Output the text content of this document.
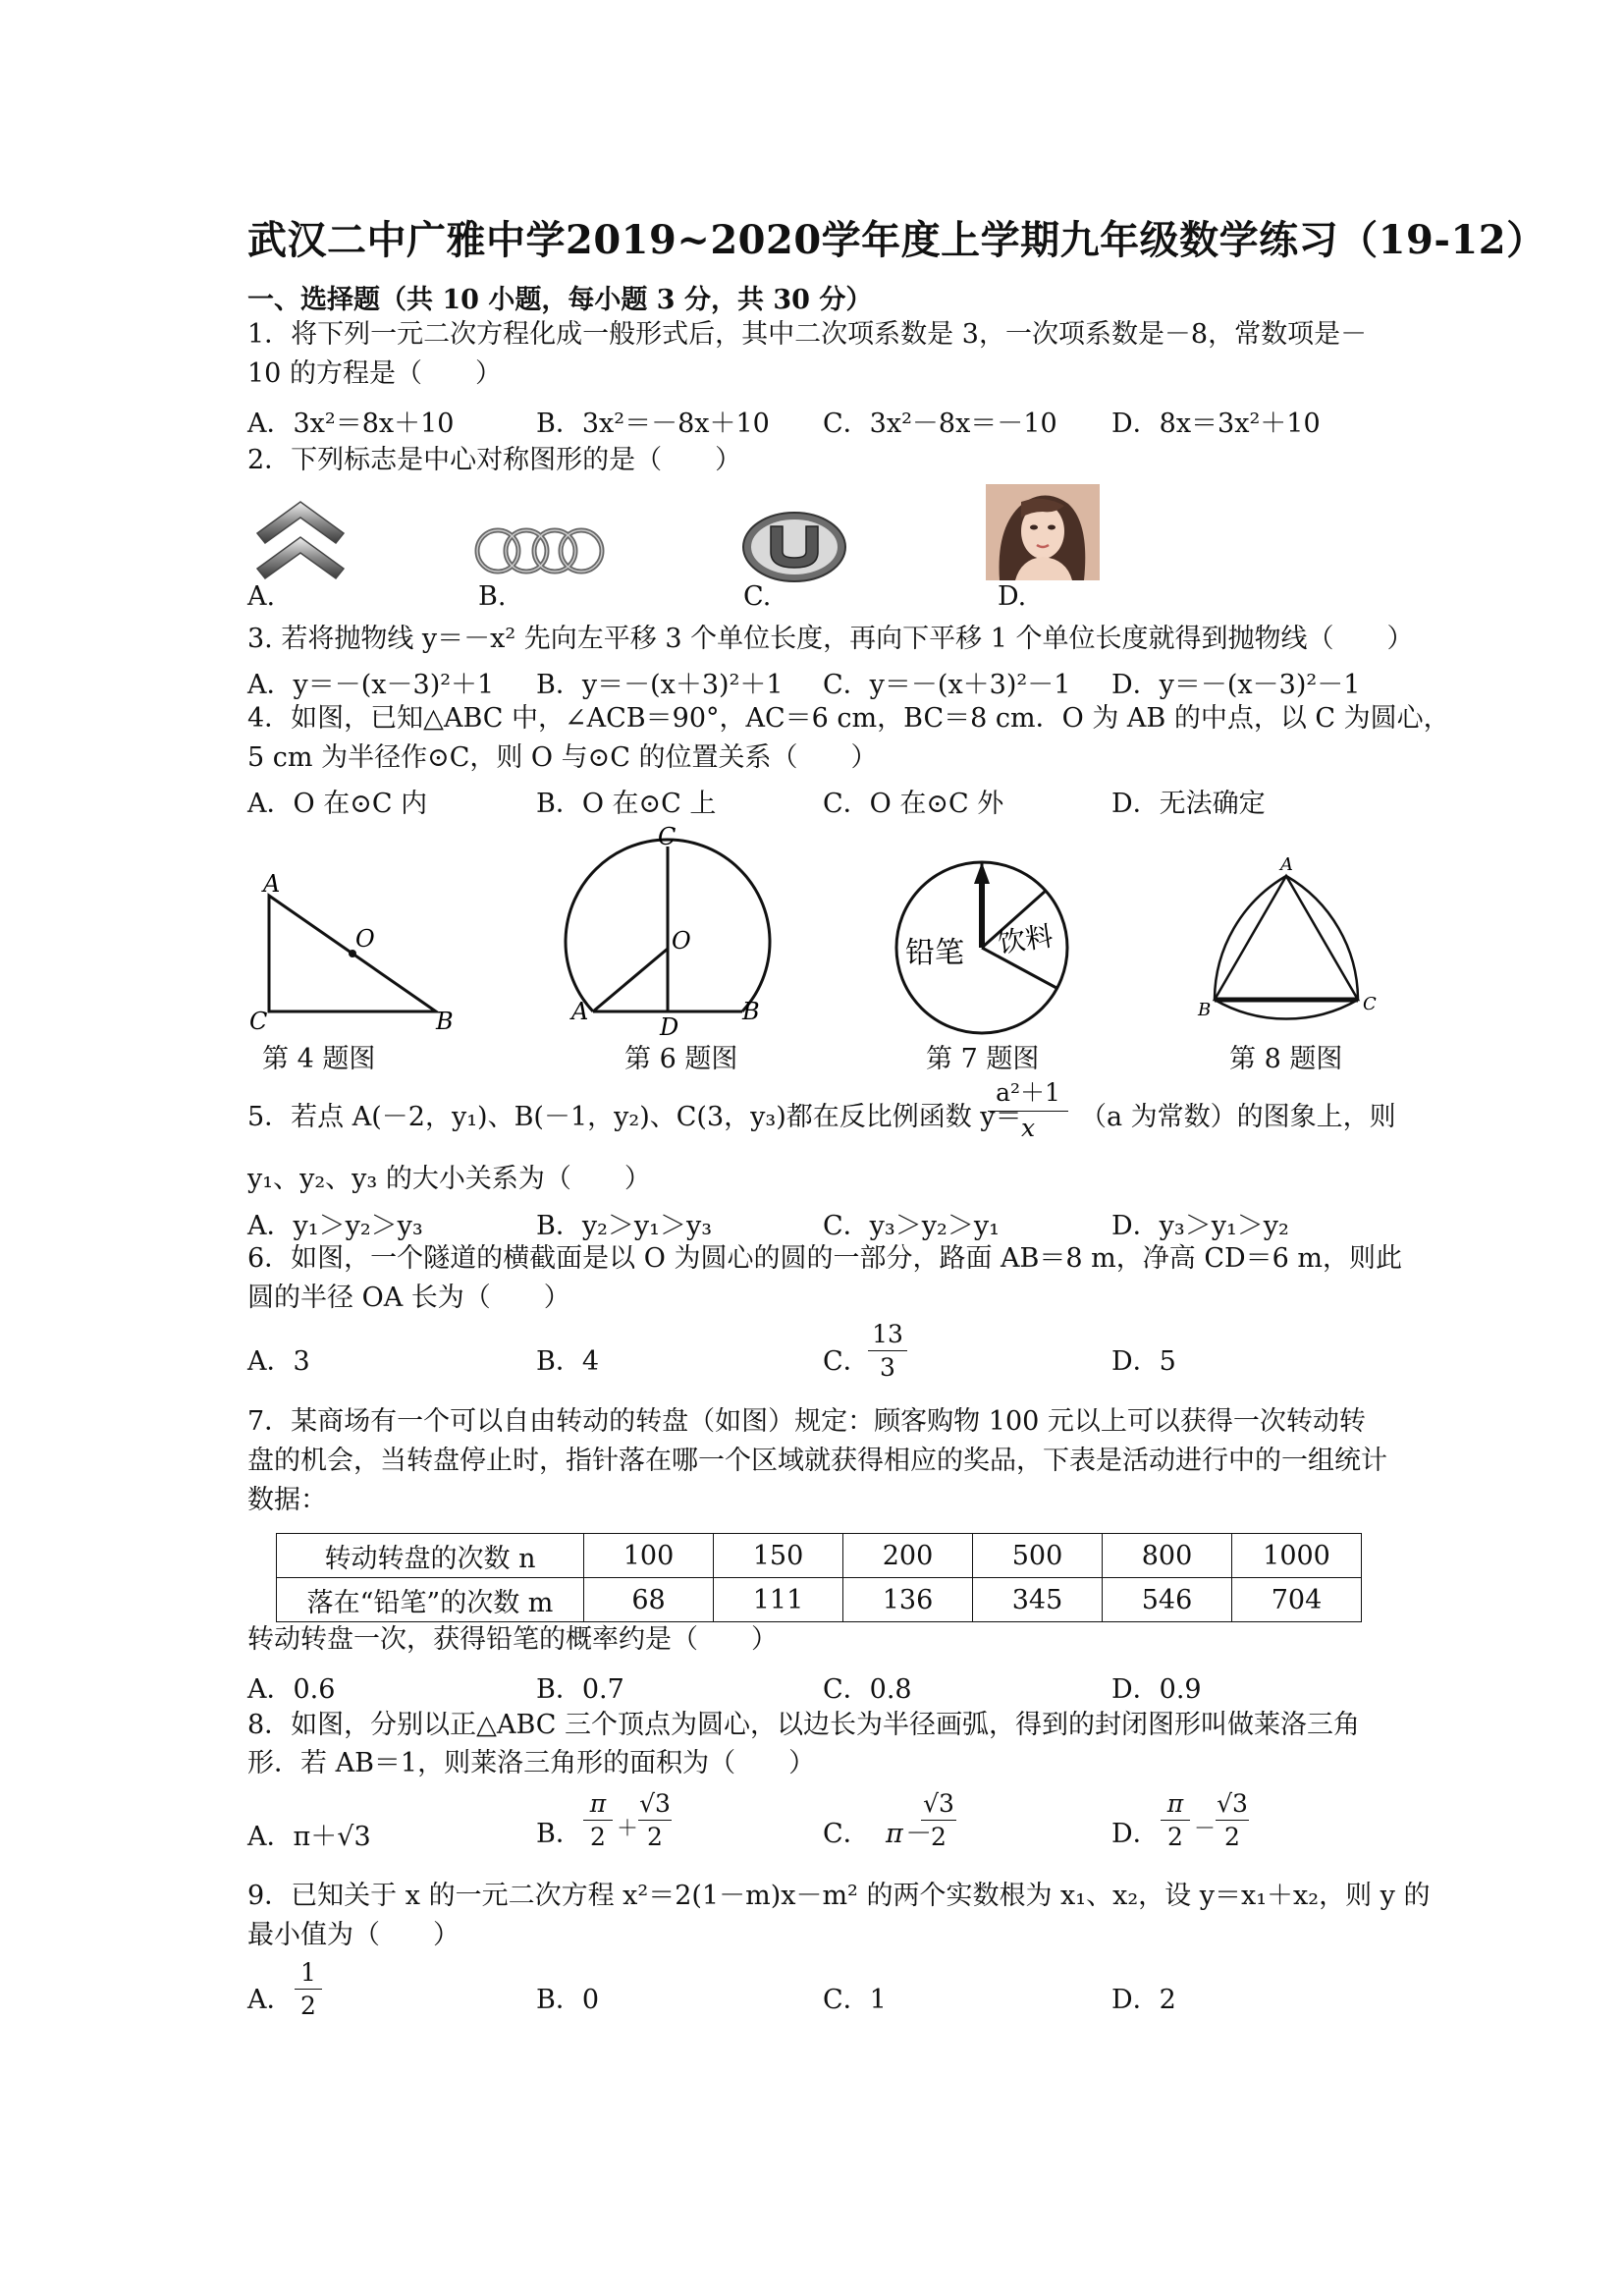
武汉二中广雅中学2019~2020学年度上学期九年级数学练习（19-12）
一、选择题（共 10 小题，每小题 3 分，共 30 分）
1．将下列一元二次方程化成一般形式后，其中二次项系数是 3，一次项系数是－8，常数项是－
10 的方程是（　　）
A．3x²＝8x＋10	B．3x²＝－8x＋10 C．3x²－8x＝－10 D．8x＝3x²＋10
2．下列标志是中心对称图形的是（　　）
A.	B.	C.	D.
3. 若将抛物线 y＝－x² 先向左平移 3 个单位长度，再向下平移 1 个单位长度就得到抛物线（　　）
A．y＝－(x－3)²＋1 B．y＝－(x＋3)²＋1 C．y＝－(x＋3)²－1 D．y＝－(x－3)²－1
4．如图，已知△ABC 中，∠ACB＝90°，AC＝6 cm，BC＝8 cm．O 为 AB 的中点，以 C 为圆心，
5 cm 为半径作⊙C，则 O 与⊙C 的位置关系（　　）
A．O 在⊙C 内	B．O 在⊙C 上	C．O 在⊙C 外	D．无法确定
A
O
C	B
C
O
A
D
B
铅笔 饮料
A
B	C
第 4 题图	第 6 题图	第 7 题图	第 8 题图
5．若点 A(－2，y₁)、B(－1，y₂)、C(3，y₃)都在反比例函数 y＝
a²＋1
x	（a 为常数）的图象上，则
y₁、y₂、y₃ 的大小关系为（　　）
A．y₁＞y₂＞y₃	B．y₂＞y₁＞y₃	C．y₃＞y₂＞y₁	D．y₃＞y₁＞y₂
6．如图，一个隧道的横截面是以 O 为圆心的圆的一部分，路面 AB＝8 m，净高 CD＝6 m，则此
圆的半径 OA 长为（　　）
A．3	B．4	C．
13
3	D．5
7．某商场有一个可以自由转动的转盘（如图）规定：顾客购物 100 元以上可以获得一次转动转
盘的机会，当转盘停止时，指针落在哪一个区域就获得相应的奖品，下表是活动进行中的一组统计
数据：
转动转盘的次数 n	100	150	200	500	800	1000
落在“铅笔”的次数 m	68	111	136	345	546	704
转动转盘一次，获得铅笔的概率约是（　　）
A．0.6	B．0.7	C．0.8	D．0.9
8．如图，分别以正△ABC 三个顶点为圆心，以边长为半径画弧，得到的封闭图形叫做莱洛三角
形．若 AB＝1，则莱洛三角形的面积为（　　）
A．π＋√3	B．
π
2 ＋
√3
2	C． π－
√3
2	D．
π
2 －
√3
2
9．已知关于 x 的一元二次方程 x²＝2(1－m)x－m² 的两个实数根为 x₁、x₂，设 y＝x₁＋x₂，则 y 的
最小值为（　　）
A．
1
2	B．0	C．1	D．2
